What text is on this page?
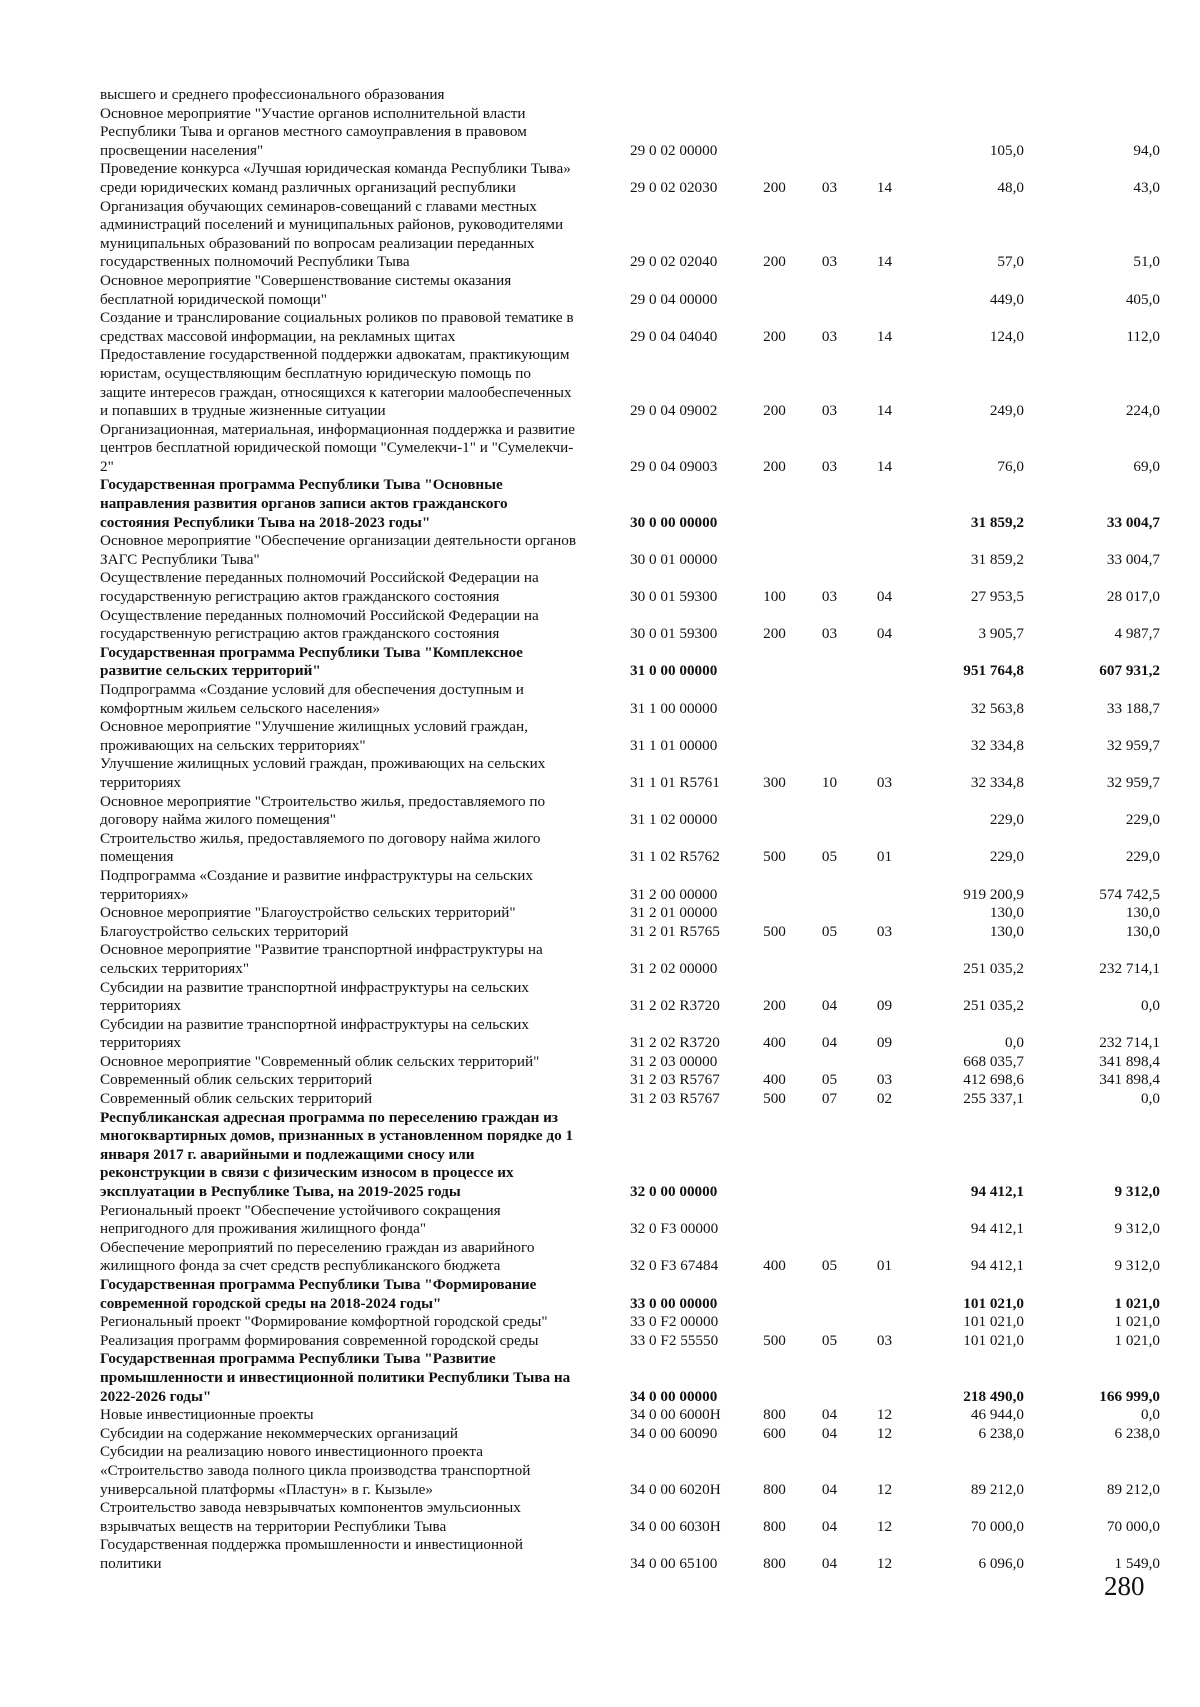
высшего и среднего профессионального образования
Основное мероприятие "Участие органов исполнительной власти
Республики Тыва и органов местного самоуправления в правовом
просвещении населения"	29 0 02 00000	105,0	94,0
Проведение конкурса «Лучшая юридическая команда Республики Тыва»
среди юридических команд различных организаций республики	29 0 02 02030	200	03	14	48,0	43,0
Организация обучающих семинаров-совещаний с главами местных
администраций поселений и муниципальных районов, руководителями
муниципальных образований по вопросам реализации переданных
государственных полномочий Республики Тыва	29 0 02 02040	200	03	14	57,0	51,0
Основное мероприятие "Совершенствование системы оказания
бесплатной юридической помощи"	29 0 04 00000	449,0	405,0
Создание и транслирование социальных роликов по правовой тематике в
средствах массовой информации, на рекламных щитах	29 0 04 04040	200	03	14	124,0	112,0
Предоставление государственной поддержки адвокатам, практикующим
юристам, осуществляющим бесплатную юридическую помощь по
защите интересов граждан, относящихся к категории малообеспеченных
и попавших в трудные жизненные ситуации	29 0 04 09002	200	03	14	249,0	224,0
Организационная, материальная, информационная поддержка и развитие
центров бесплатной юридической помощи "Сумелекчи-1" и "Сумелекчи-
2"	29 0 04 09003	200	03	14	76,0	69,0
Государственная программа Республики Тыва "Основные
направления развития органов записи актов гражданского
состояния Республики Тыва на 2018-2023 годы"	30 0 00 00000	31 859,2	33 004,7
Основное мероприятие "Обеспечение организации деятельности органов
ЗАГС Республики Тыва"	30 0 01 00000	31 859,2	33 004,7
Осуществление переданных полномочий Российской Федерации на
государственную регистрацию актов гражданского состояния	30 0 01 59300	100	03	04	27 953,5	28 017,0
Осуществление переданных полномочий Российской Федерации на
государственную регистрацию актов гражданского состояния	30 0 01 59300	200	03	04	3 905,7	4 987,7
Государственная программа Республики Тыва "Комплексное
развитие сельских территорий"	31 0 00 00000	951 764,8	607 931,2
Подпрограмма «Создание условий для обеспечения доступным и
комфортным жильем сельского населения»	31 1 00 00000	32 563,8	33 188,7
Основное мероприятие "Улучшение жилищных условий граждан,
проживающих на сельских территориях"	31 1 01 00000	32 334,8	32 959,7
Улучшение жилищных условий граждан, проживающих на сельских
территориях	31 1 01 R5761	300	10	03	32 334,8	32 959,7
Основное мероприятие "Строительство жилья, предоставляемого по
договору найма жилого помещения"	31 1 02 00000	229,0	229,0
Строительство жилья, предоставляемого по договору найма жилого
помещения	31 1 02 R5762	500	05	01	229,0	229,0
Подпрограмма «Создание и развитие инфраструктуры на сельских
территориях»	31 2 00 00000	919 200,9	574 742,5
Основное мероприятие "Благоустройство сельских территорий"	31 2 01 00000	130,0	130,0
Благоустройство сельских территорий	31 2 01 R5765	500	05	03	130,0	130,0
Основное мероприятие "Развитие транспортной инфраструктуры на
сельских территориях"	31 2 02 00000	251 035,2	232 714,1
Субсидии на развитие транспортной инфраструктуры на сельских
территориях	31 2 02 R3720	200	04	09	251 035,2	0,0
Субсидии на развитие транспортной инфраструктуры на сельских
территориях	31 2 02 R3720	400	04	09	0,0	232 714,1
Основное мероприятие "Современный облик сельских территорий"	31 2 03 00000	668 035,7	341 898,4
Современный облик сельских территорий	31 2 03 R5767	400	05	03	412 698,6	341 898,4
Современный облик сельских территорий	31 2 03 R5767	500	07	02	255 337,1	0,0
Республиканская адресная программа по переселению граждан из
многоквартирных домов, признанных в установленном порядке до 1
января 2017 г. аварийными и подлежащими сносу или
реконструкции в связи с физическим износом в процессе их
эксплуатации в Республике Тыва, на 2019-2025 годы	32 0 00 00000	94 412,1	9 312,0
Региональный проект "Обеспечение устойчивого сокращения
непригодного для проживания жилищного фонда"	32 0 F3 00000	94 412,1	9 312,0
Обеспечение мероприятий по переселению граждан из аварийного
жилищного фонда за счет средств республиканского бюджета	32 0 F3 67484	400	05	01	94 412,1	9 312,0
Государственная программа Республики Тыва "Формирование
современной городской среды на 2018-2024 годы"	33 0 00 00000	101 021,0	1 021,0
Региональный проект "Формирование комфортной городской среды"	33 0 F2 00000	101 021,0	1 021,0
Реализация программ формирования современной городской среды	33 0 F2 55550	500	05	03	101 021,0	1 021,0
Государственная программа Республики Тыва "Развитие
промышленности и инвестиционной политики Республики Тыва на
2022-2026 годы"	34 0 00 00000	218 490,0	166 999,0
Новые инвестиционные проекты	34 0 00 6000H	800	04	12	46 944,0	0,0
Субсидии на содержание некоммерческих организаций	34 0 00 60090	600	04	12	6 238,0	6 238,0
Субсидии на реализацию нового инвестиционного проекта
«Строительство завода полного цикла производства транспортной
универсальной платформы «Пластун» в г. Кызыле»	34 0 00 6020H	800	04	12	89 212,0	89 212,0
Строительство завода невзрывчатых компонентов эмульсионных
взрывчатых веществ на территории Республики Тыва	34 0 00 6030H	800	04	12	70 000,0	70 000,0
Государственная поддержка промышленности и инвестиционной
политики	34 0 00 65100	800	04	12	6 096,0	1 549,0
280
